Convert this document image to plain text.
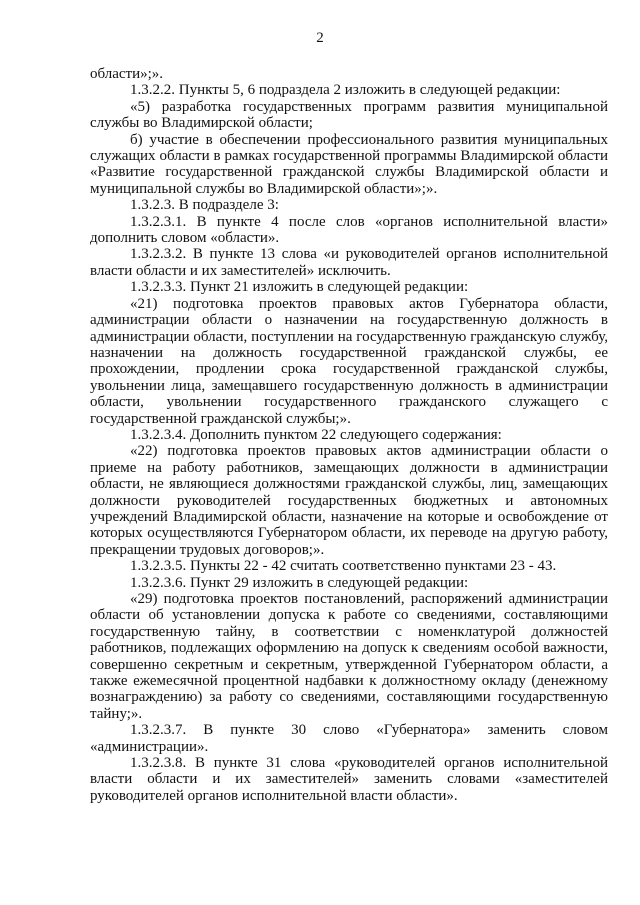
2

области»;».

1.3.2.2. Пункты 5, 6 подраздела 2 изложить в следующей редакции:

«5) разработка государственных программ развития муниципальной службы во Владимирской области;

б) участие в обеспечении профессионального развития муниципальных служащих области в рамках государственной программы Владимирской области «Развитие государственной гражданской службы Владимирской области и муниципальной службы во Владимирской области»;».

1.3.2.3. В подразделе 3:

1.3.2.3.1. В пункте 4 после слов «органов исполнительной власти» дополнить словом «области».

1.3.2.3.2. В пункте 13 слова «и руководителей органов исполнительной власти области и их заместителей» исключить.

1.3.2.3.3. Пункт 21 изложить в следующей редакции:

«21) подготовка проектов правовых актов Губернатора области, администрации области о назначении на государственную должность в администрации области, поступлении на государственную гражданскую службу, назначении на должность государственной гражданской службы, ее прохождении, продлении срока государственной гражданской службы, увольнении лица, замещавшего государственную должность в администрации области, увольнении государственного гражданского служащего с государственной гражданской службы;».

1.3.2.3.4. Дополнить пунктом 22 следующего содержания:

«22) подготовка проектов правовых актов администрации области о приеме на работу работников, замещающих должности в администрации области, не являющиеся должностями гражданской службы, лиц, замещающих должности руководителей государственных бюджетных и автономных учреждений Владимирской области, назначение на которые и освобождение от которых осуществляются Губернатором области, их переводе на другую работу, прекращении трудовых договоров;».

1.3.2.3.5. Пункты 22 - 42 считать соответственно пунктами 23 - 43.

1.3.2.3.6. Пункт 29 изложить в следующей редакции:

«29) подготовка проектов постановлений, распоряжений администрации области об установлении допуска к работе со сведениями, составляющими государственную тайну, в соответствии с номенклатурой должностей работников, подлежащих оформлению на допуск к сведениям особой важности, совершенно секретным и секретным, утвержденной Губернатором области, а также ежемесячной процентной надбавки к должностному окладу (денежному вознаграждению) за работу со сведениями, составляющими государственную тайну;».

1.3.2.3.7. В пункте 30 слово «Губернатора» заменить словом «администрации».

1.3.2.3.8. В пункте 31 слова «руководителей органов исполнительной власти области и их заместителей» заменить словами «заместителей руководителей органов исполнительной власти области».
